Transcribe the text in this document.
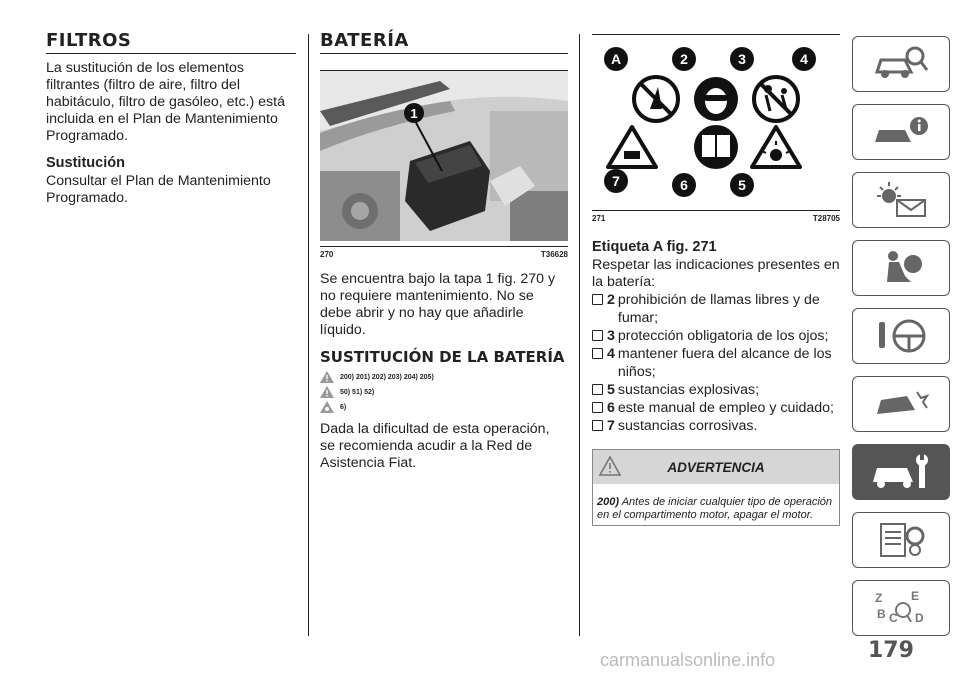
FILTROS

La sustitución de los elementos filtrantes (filtro de aire, filtro del habitáculo, filtro de gasóleo, etc.) está incluida en el Plan de Mantenimiento Programado.

Sustitución

Consultar el Plan de Mantenimiento Programado.

BATERÍA
1
270	T36628

Se encuentra bajo la tapa 1 fig. 270 y no requiere mantenimiento. No se debe abrir y no hay que añadirle líquido.

SUSTITUCIÓN DE LA BATERÍA
200) 201) 202) 203) 204) 205)
50) 51) 52)
6)

Dada la dificultad de esta operación, se recomienda acudir a la Red de Asistencia Fiat.

A	2	3	4
7	6	5
271	T28705

Etiqueta A fig. 271

Respetar las indicaciones presentes en la batería:

2 prohibición de llamas libres y de fumar;
3 protección obligatoria de los ojos;
4 mantener fuera del alcance de los niños;
5 sustancias explosivas;
6 este manual de empleo y cuidado;
7 sustancias corrosivas.
ADVERTENCIA
200) Antes de iniciar cualquier tipo de operación en el compartimento motor, apagar el motor.
Z E
B C D
179
carmanualsonline.info
